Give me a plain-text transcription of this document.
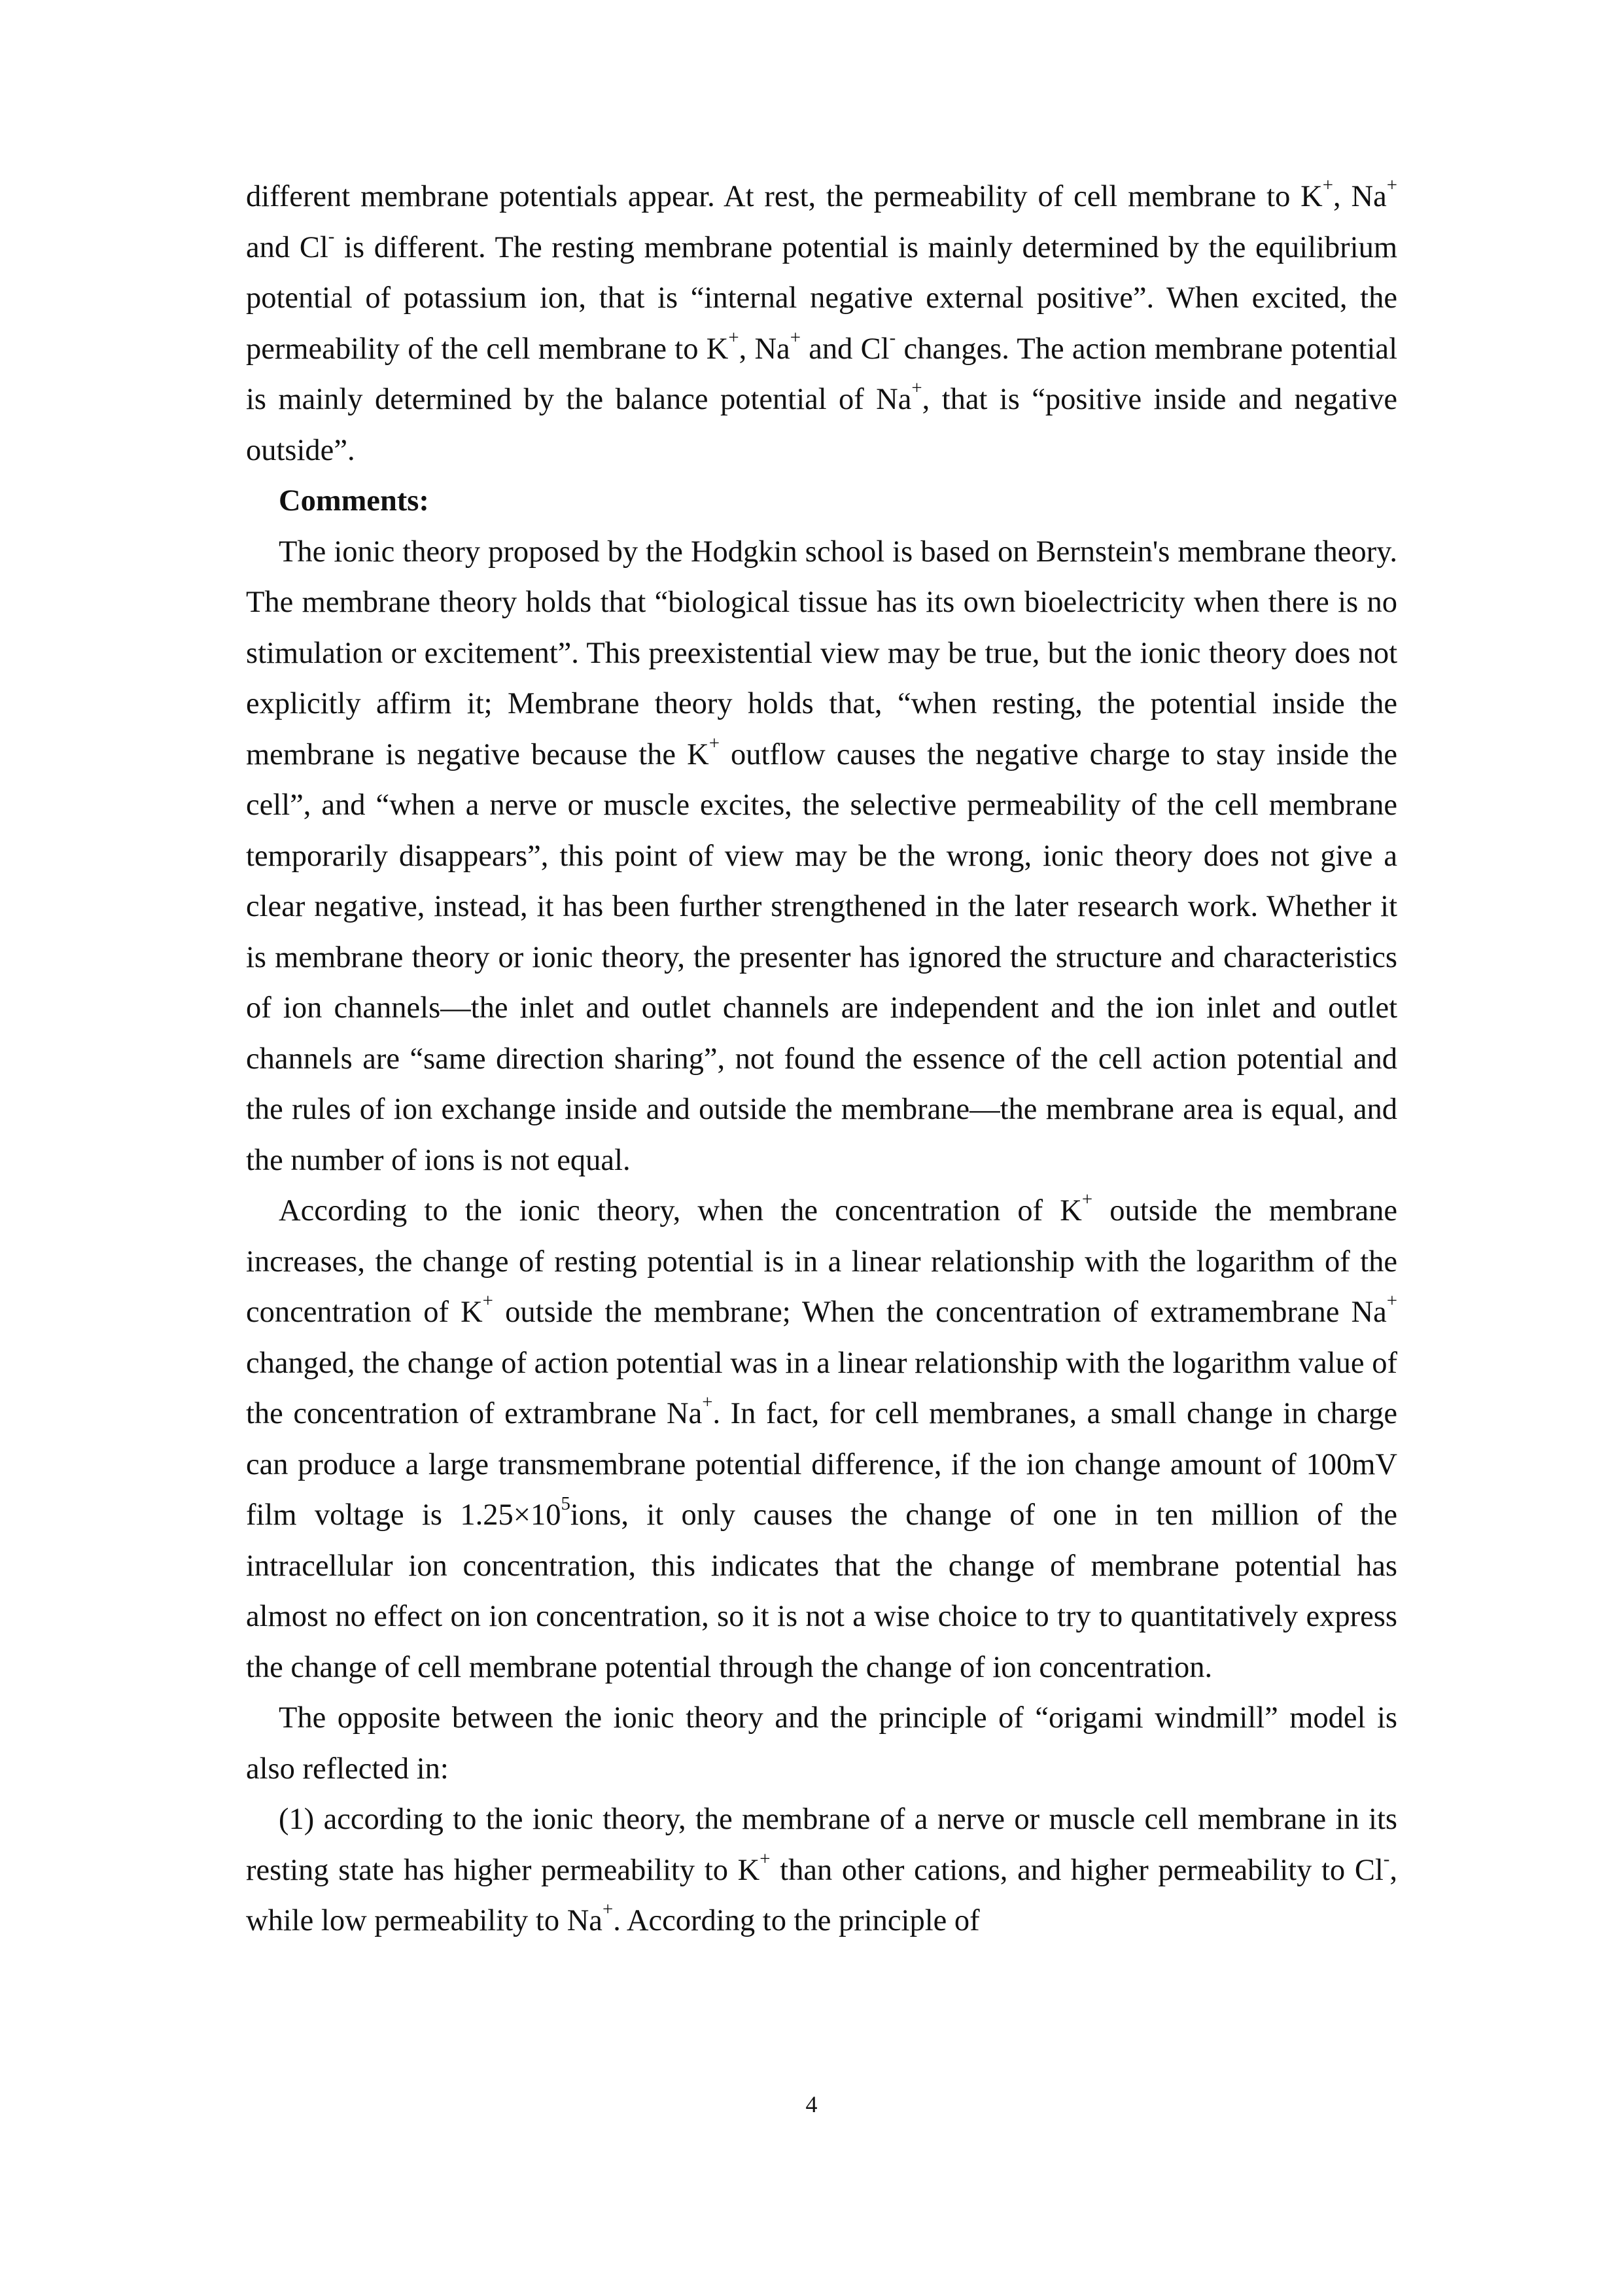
different membrane potentials appear. At rest, the permeability of cell membrane to K+, Na+ and Cl- is different. The resting membrane potential is mainly determined by the equilibrium potential of potassium ion, that is “internal negative external positive”. When excited, the permeability of the cell membrane to K+, Na+ and Cl- changes. The action membrane potential is mainly determined by the balance potential of Na+, that is “positive inside and negative outside”.

Comments:

The ionic theory proposed by the Hodgkin school is based on Bernstein's membrane theory. The membrane theory holds that “biological tissue has its own bioelectricity when there is no stimulation or excitement”. This preexistential view may be true, but the ionic theory does not explicitly affirm it; Membrane theory holds that, “when resting, the potential inside the membrane is negative because the K+ outflow causes the negative charge to stay inside the cell”, and “when a nerve or muscle excites, the selective permeability of the cell membrane temporarily disappears”, this point of view may be the wrong, ionic theory does not give a clear negative, instead, it has been further strengthened in the later research work. Whether it is membrane theory or ionic theory, the presenter has ignored the structure and characteristics of ion channels—the inlet and outlet channels are independent and the ion inlet and outlet channels are “same direction sharing”, not found the essence of the cell action potential and the rules of ion exchange inside and outside the membrane—the membrane area is equal, and the number of ions is not equal.

According to the ionic theory, when the concentration of K+ outside the membrane increases, the change of resting potential is in a linear relationship with the logarithm of the concentration of K+ outside the membrane; When the concentration of extramembrane Na+ changed, the change of action potential was in a linear relationship with the logarithm value of the concentration of extrambrane Na+. In fact, for cell membranes, a small change in charge can produce a large transmembrane potential difference, if the ion change amount of 100mV film voltage is $1.25\times 10^5ions$, it only causes the change of one in ten million of the intracellular ion concentration, this indicates that the change of membrane potential has almost no effect on ion concentration, so it is not a wise choice to try to quantitatively express the change of cell membrane potential through the change of ion concentration.

The opposite between the ionic theory and the principle of “origami windmill” model is also reflected in:

(1) according to the ionic theory, the membrane of a nerve or muscle cell membrane in its resting state has higher permeability to K+ than other cations, and higher permeability to Cl-, while low permeability to Na+. According to the principle of

4
